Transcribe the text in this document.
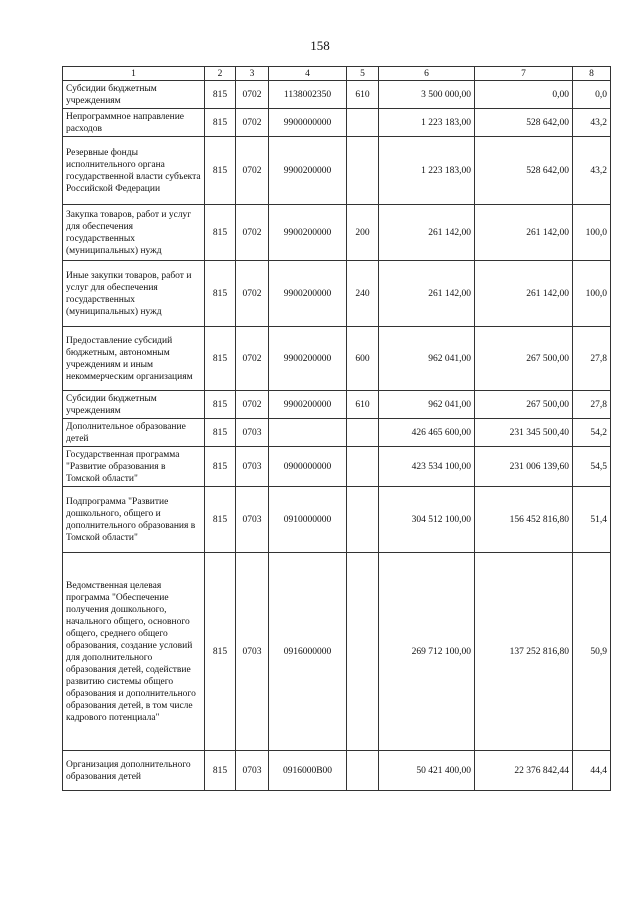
158
1	2	3	4	5	6	7	8
Субсидии бюджетным учреждениям	815	0702	1138002350	610	3 500 000,00	0,00	0,0
Непрограммное направление расходов	815	0702	9900000000		1 223 183,00	528 642,00	43,2
Резервные фонды исполнительного органа государственной власти субъекта Российской Федерации	815	0702	9900200000		1 223 183,00	528 642,00	43,2
Закупка товаров, работ и услуг для обеспечения государственных (муниципальных) нужд	815	0702	9900200000	200	261 142,00	261 142,00	100,0
Иные закупки товаров, работ и услуг для обеспечения государственных (муниципальных) нужд	815	0702	9900200000	240	261 142,00	261 142,00	100,0
Предоставление субсидий бюджетным, автономным учреждениям и иным некоммерческим организациям	815	0702	9900200000	600	962 041,00	267 500,00	27,8
Субсидии бюджетным учреждениям	815	0702	9900200000	610	962 041,00	267 500,00	27,8
Дополнительное образование детей	815	0703			426 465 600,00	231 345 500,40	54,2
Государственная программа "Развитие образования в Томской области"	815	0703	0900000000		423 534 100,00	231 006 139,60	54,5
Подпрограмма "Развитие дошкольного, общего и дополнительного образования в Томской области"	815	0703	0910000000		304 512 100,00	156 452 816,80	51,4
Ведомственная целевая программа "Обеспечение получения дошкольного, начального общего, основного общего, среднего общего образования, создание условий для дополнительного образования детей, содействие развитию системы общего образования и дополнительного образования детей, в том числе кадрового потенциала"	815	0703	0916000000		269 712 100,00	137 252 816,80	50,9
Организация дополнительного образования детей	815	0703	0916000В00		50 421 400,00	22 376 842,44	44,4
